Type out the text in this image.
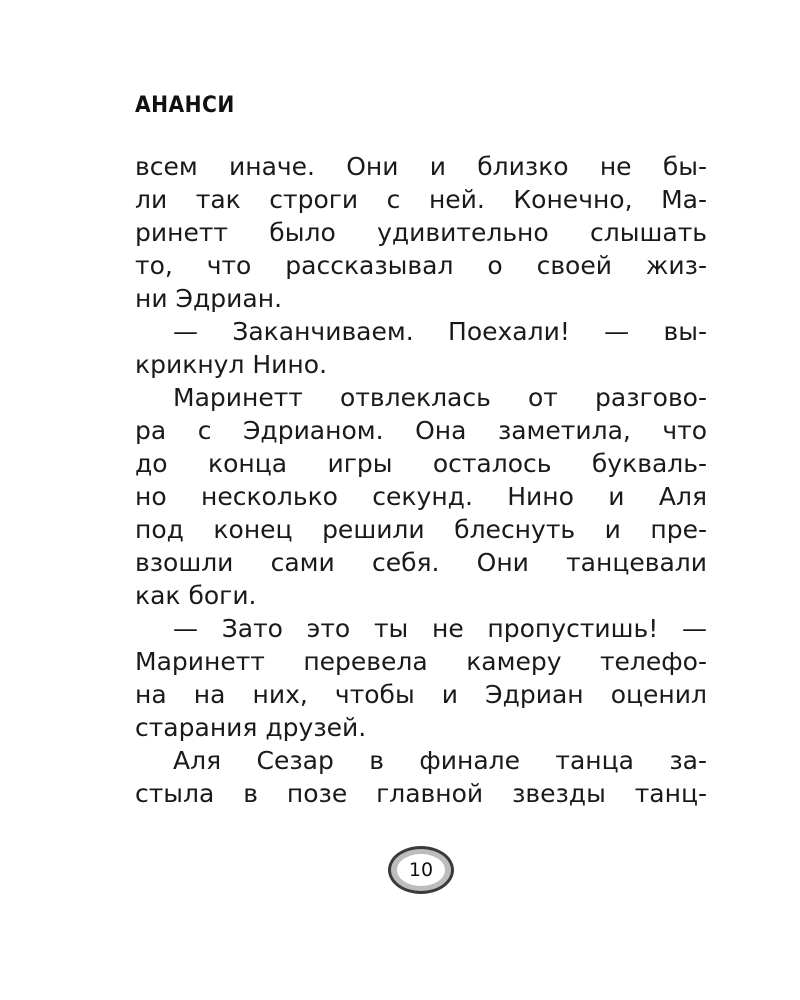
АНАНСИ
всем иначе. Они и близко не бы-
ли так строги с ней. Конечно, Ма-
ринетт было удивительно слышать
то, что рассказывал о своей жиз-
ни Эдриан.
— Заканчиваем. Поехали! — вы-
крикнул Нино.
Маринетт отвлеклась от разгово-
ра с Эдрианом. Она заметила, что
до конца игры осталось букваль-
но несколько секунд. Нино и Аля
под конец решили блеснуть и пре-
взошли сами себя. Они танцевали
как боги.
— Зато это ты не пропустишь! —
Маринетт перевела камеру телефо-
на на них, чтобы и Эдриан оценил
старания друзей.
Аля Сезар в финале танца за-
стыла в позе главной звезды танц-
10
